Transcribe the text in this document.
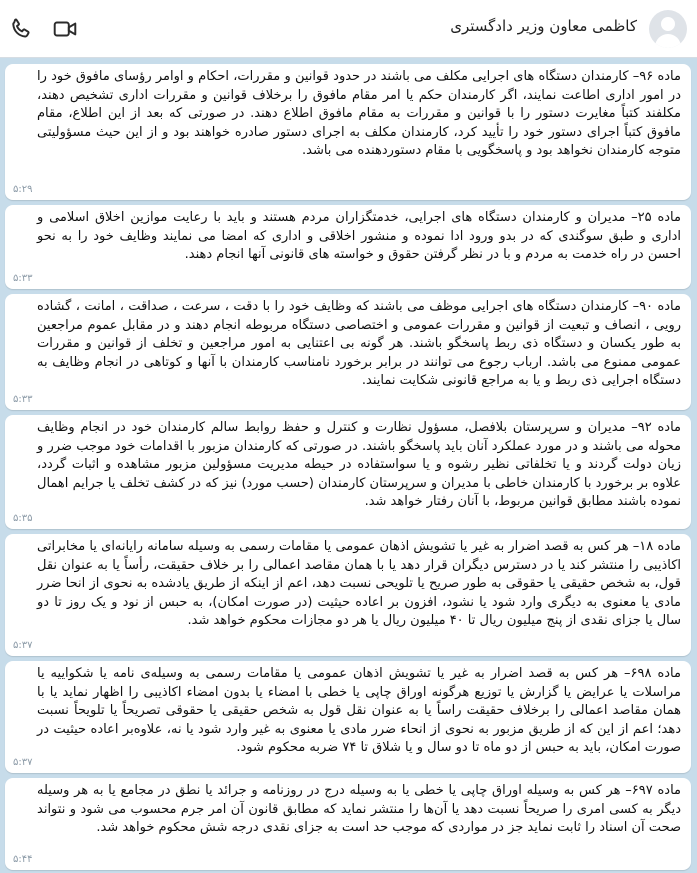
کاظمی معاون وزیر دادگستری
ماده ۹۶– کارمندان دستگاه های اجرایی مکلف می باشند در حدود قوانین و مقررات، احکام و اوامر رؤسای مافوق خود را در امور اداری اطاعت نمایند، اگر کارمندان حکم یا امر مقام مافوق را برخلاف قوانین و مقررات اداری تشخیص دهند، مکلفند کتباً مغایرت دستور را با قوانین و مقررات به مقام مافوق اطلاع دهند. در صورتی که بعد از این اطلاع، مقام مافوق کتباً اجرای دستور خود را تأیید کرد، کارمندان مکلف به اجرای دستور صادره خواهند بود و از این حیث مسؤولیتی متوجه کارمندان نخواهد بود و پاسخگویی با مقام دستوردهنده می باشد.
۵:۲۹
ماده ۲۵– مدیران و کارمندان دستگاه های اجرایی، خدمتگزاران مردم هستند و باید با رعایت موازین اخلاق اسلامی و اداری و طبق سوگندی که در بدو ورود ادا نموده و منشور اخلاقی و اداری که امضا می نمایند وظایف خود را به نحو احسن در راه خدمت به مردم و با در نظر گرفتن حقوق و خواسته های قانونی آنها انجام دهند.
۵:۳۳
ماده ۹۰– کارمندان دستگاه های اجرایی موظف می باشند که وظایف خود را با دقت ، سرعت ، صداقت ، امانت ، گشاده رویی ، انصاف و تبعیت از قوانین و مقررات عمومی و اختصاصی دستگاه مربوطه انجام دهند و در مقابل عموم مراجعین به طور یکسان و دستگاه ذی ربط پاسخگو باشند. هر گونه بی اعتنایی به امور مراجعین و تخلف از قوانین و مقررات عمومی ممنوع می باشد. ارباب رجوع می توانند در برابر برخورد نامناسب کارمندان با آنها و کوتاهی در انجام وظایف به دستگاه اجرایی ذی ربط و یا به مراجع قانونی شکایت نمایند.
۵:۳۳
ماده ۹۲– مدیران و سرپرستان بلافصل، مسؤول نظارت و کنترل و حفظ روابط سالم کارمندان خود در انجام وظایف محوله می باشند و در مورد عملکرد آنان باید پاسخگو باشند. در صورتی که کارمندان مزبور با اقدامات خود موجب ضرر و زیان دولت گردند و یا تخلفاتی نظیر رشوه و یا سواستفاده در حیطه مدیریت مسؤولین مزبور مشاهده و اثبات گردد، علاوه بر برخورد با کارمندان خاطی با مدیران و سرپرستان کارمندان (حسب مورد) نیز که در کشف تخلف یا جرایم اهمال نموده باشند مطابق قوانین مربوط، با آنان رفتار خواهد شد.
۵:۳۵
ماده ۱۸– هر کس به قصد اضرار به غیر یا تشویش اذهان عمومی یا مقامات رسمی به وسیله سامانه رایانه‌ای یا مخابراتی اکاذیبی را منتشر کند یا در دسترس دیگران قرار دهد یا با همان مقاصد اعمالی را بر خلاف حقیقت، رأساً یا به عنوان نقل قول، به شخص حقیقی یا حقوقی به طور صریح یا تلویحی نسبت دهد، اعم از اینکه از طریق یادشده به نحوی از انحا ضرر مادی یا معنوی به دیگری وارد شود یا نشود، افزون بر اعاده حیثیت (در صورت امکان)، به حبس از نود و یک روز تا دو سال یا جزای نقدی از پنج میلیون ریال تا ۴۰ میلیون ریال یا هر دو مجازات محکوم خواهد شد.
۵:۳۷
ماده ۶۹۸– هر کس به قصد اضرار به غیر یا تشویش اذهان عمومی یا مقامات رسمی به وسیله‌ی نامه یا شکواییه یا مراسلات یا عرایض یا گزارش یا توزیع هرگونه اوراق چاپی یا خطی با امضاء یا بدون امضاء اکاذیبی را اظهار نماید یا با همان مقاصد اعمالی را برخلاف حقیقت راساً یا به عنوان نقل قول به شخص حقیقی یا حقوقی تصریحاً یا تلویحاً نسبت دهد؛ اعم از این که از طریق مزبور به نحوی از انحاء ضرر مادی یا معنوی به غیر وارد شود یا نه، علاوه‌بر اعاده حیثیت در صورت امکان، باید به حبس از دو ماه تا دو سال و یا شلاق تا ۷۴ ضربه محکوم شود.
۵:۳۷
ماده ۶۹۷– هر کس به وسیله اوراق چاپی یا خطی یا به وسیله درج در روزنامه و جرائد یا نطق در مجامع یا به هر وسیله دیگر به کسی امری را صریحاً نسبت دهد یا آن‌ها را منتشر نماید که مطابق قانون آن امر جرم محسوب می شود و نتواند صحت آن اسناد را ثابت نماید جز در مواردی که موجب حد است به جزای نقدی درجه شش محکوم خواهد شد.
۵:۴۴
